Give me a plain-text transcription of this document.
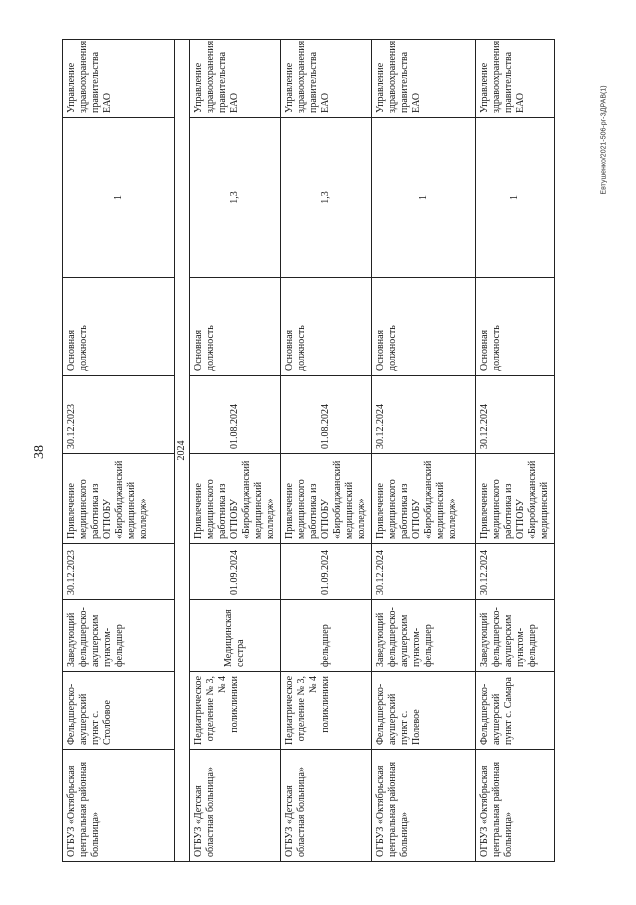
38
Евтушенко/2021-506-рг-ЗДРАВ(1)
ОГБУЗ «Октябрьская центральная районная больница»	Фельдшерско-акушерский пункт с. Столбовое	Заведующий фельдшерско-акушерским пунктом-фельдшер	30.12.2023	Привлечение медицинского работника из ОГПОБУ «Биробиджанский медицинский колледж»	30.12.2023	Основная должность	1	Управление здравоохранения правительства ЕАО
2024								
ОГБУЗ «Детская областная больница»	Педиатрическое отделение № 3, № 4 поликлиники	Медицинская сестра	01.09.2024	Привлечение медицинского работника из ОГПОБУ «Биробиджанский медицинский колледж»	01.08.2024	Основная должность	1,3	Управление здравоохранения правительства ЕАО
ОГБУЗ «Детская областная больница»	Педиатрическое отделение № 3, № 4 поликлиники	фельдшер	01.09.2024	Привлечение медицинского работника из ОГПОБУ «Биробиджанский медицинский колледж»	01.08.2024	Основная должность	1,3	Управление здравоохранения правительства ЕАО
ОГБУЗ «Октябрьская центральная районная больница»	Фельдшерско-акушерский пункт с. Полевое	Заведующий фельдшерско-акушерским пунктом-фельдшер	30.12.2024	Привлечение медицинского работника из ОГПОБУ «Биробиджанский медицинский колледж»	30.12.2024	Основная должность	1	Управление здравоохранения правительства ЕАО
ОГБУЗ «Октябрьская центральная районная больница»	Фельдшерско-акушерский пункт с. Самара	Заведующий фельдшерско-акушерским пунктом-фельдшер	30.12.2024	Привлечение медицинского работника из ОГПОБУ «Биробиджанский медицинский	30.12.2024	Основная должность	1	Управление здравоохранения правительства ЕАО
